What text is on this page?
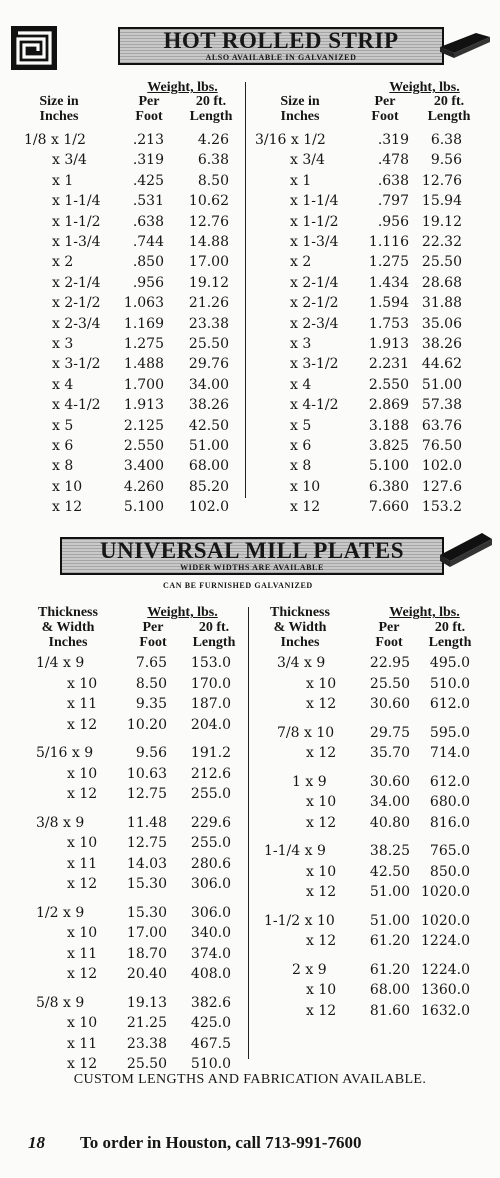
HOT ROLLED STRIP
ALSO AVAILABLE IN GALVANIZED
Weight, lbs.
Size in
Inches
Per
Foot
20 ft.
Length
Weight, lbs.
Size in
Inches
Per
Foot
20 ft.
Length
1/8 x 1/2	.213 4.26
x 3/4	.319 6.38
x 1	.425 8.50
x 1-1/4 .531 10.62
x 1-1/2 .638 12.76
x 1-3/4 .744 14.88
x 2	.850 17.00
x 2-1/4 .956 19.12
x 2-1/2 1.063 21.26
x 2-3/4 1.169 23.38
x 3	1.275 25.50
x 3-1/2 1.488 29.76
x 4	1.700 34.00
x 4-1/2 1.913 38.26
x 5	2.125 42.50
x 6	2.550 51.00
x 8	3.400 68.00
x 10	4.260 85.20
x 12	5.100 102.0
3/16 x 1/2	.319 6.38
x 3/4	.478 9.56
x 1	.638 12.76
x 1-1/4	.797 15.94
x 1-1/2	.956 19.12
x 1-3/4 1.116 22.32
x 2	1.275 25.50
x 2-1/4 1.434 28.68
x 2-1/2 1.594 31.88
x 2-3/4 1.753 35.06
x 3	1.913 38.26
x 3-1/2 2.231 44.62
x 4	2.550 51.00
x 4-1/2 2.869 57.38
x 5	3.188 63.76
x 6	3.825 76.50
x 8	5.100 102.0
x 10	6.380 127.6
x 12	7.660 153.2
UNIVERSAL MILL PLATES
WIDER WIDTHS ARE AVAILABLE
CAN BE FURNISHED GALVANIZED
Weight, lbs.
Thickness
& Width
Inches
Per
Foot
20 ft.
Length
Weight, lbs.
Thickness
& Width
Inches
Per
Foot
20 ft.
Length
1/4 x 9	7.65 153.0
x 10	8.50 170.0
x 11	9.35 187.0
x 12 10.20 204.0
5/16 x 9	9.56 191.2
x 10 10.63 212.6
x 12 12.75 255.0
3/8 x 9	11.48 229.6
x 10 12.75 255.0
x 11 14.03 280.6
x 12 15.30 306.0
1/2 x 9	15.30 306.0
x 10 17.00 340.0
x 11 18.70 374.0
x 12 20.40 408.0
5/8 x 9	19.13 382.6
x 10 21.25 425.0
x 11 23.38 467.5
x 12 25.50 510.0
3/4 x 9	22.95 495.0
x 10 25.50 510.0
x 12 30.60 612.0
7/8 x 10	29.75 595.0
x 12 35.70 714.0
1 x 9	30.60 612.0
x 10 34.00 680.0
x 12 40.80 816.0
1-1/4 x 9	38.25 765.0
x 10 42.50 850.0
x 12 51.00 1020.0
1-1/2 x 10	51.00 1020.0
x 12 61.20 1224.0
2 x 9	61.20 1224.0
x 10 68.00 1360.0
x 12 81.60 1632.0
CUSTOM LENGTHS AND FABRICATION AVAILABLE.
18 To order in Houston, call 713-991-7600
